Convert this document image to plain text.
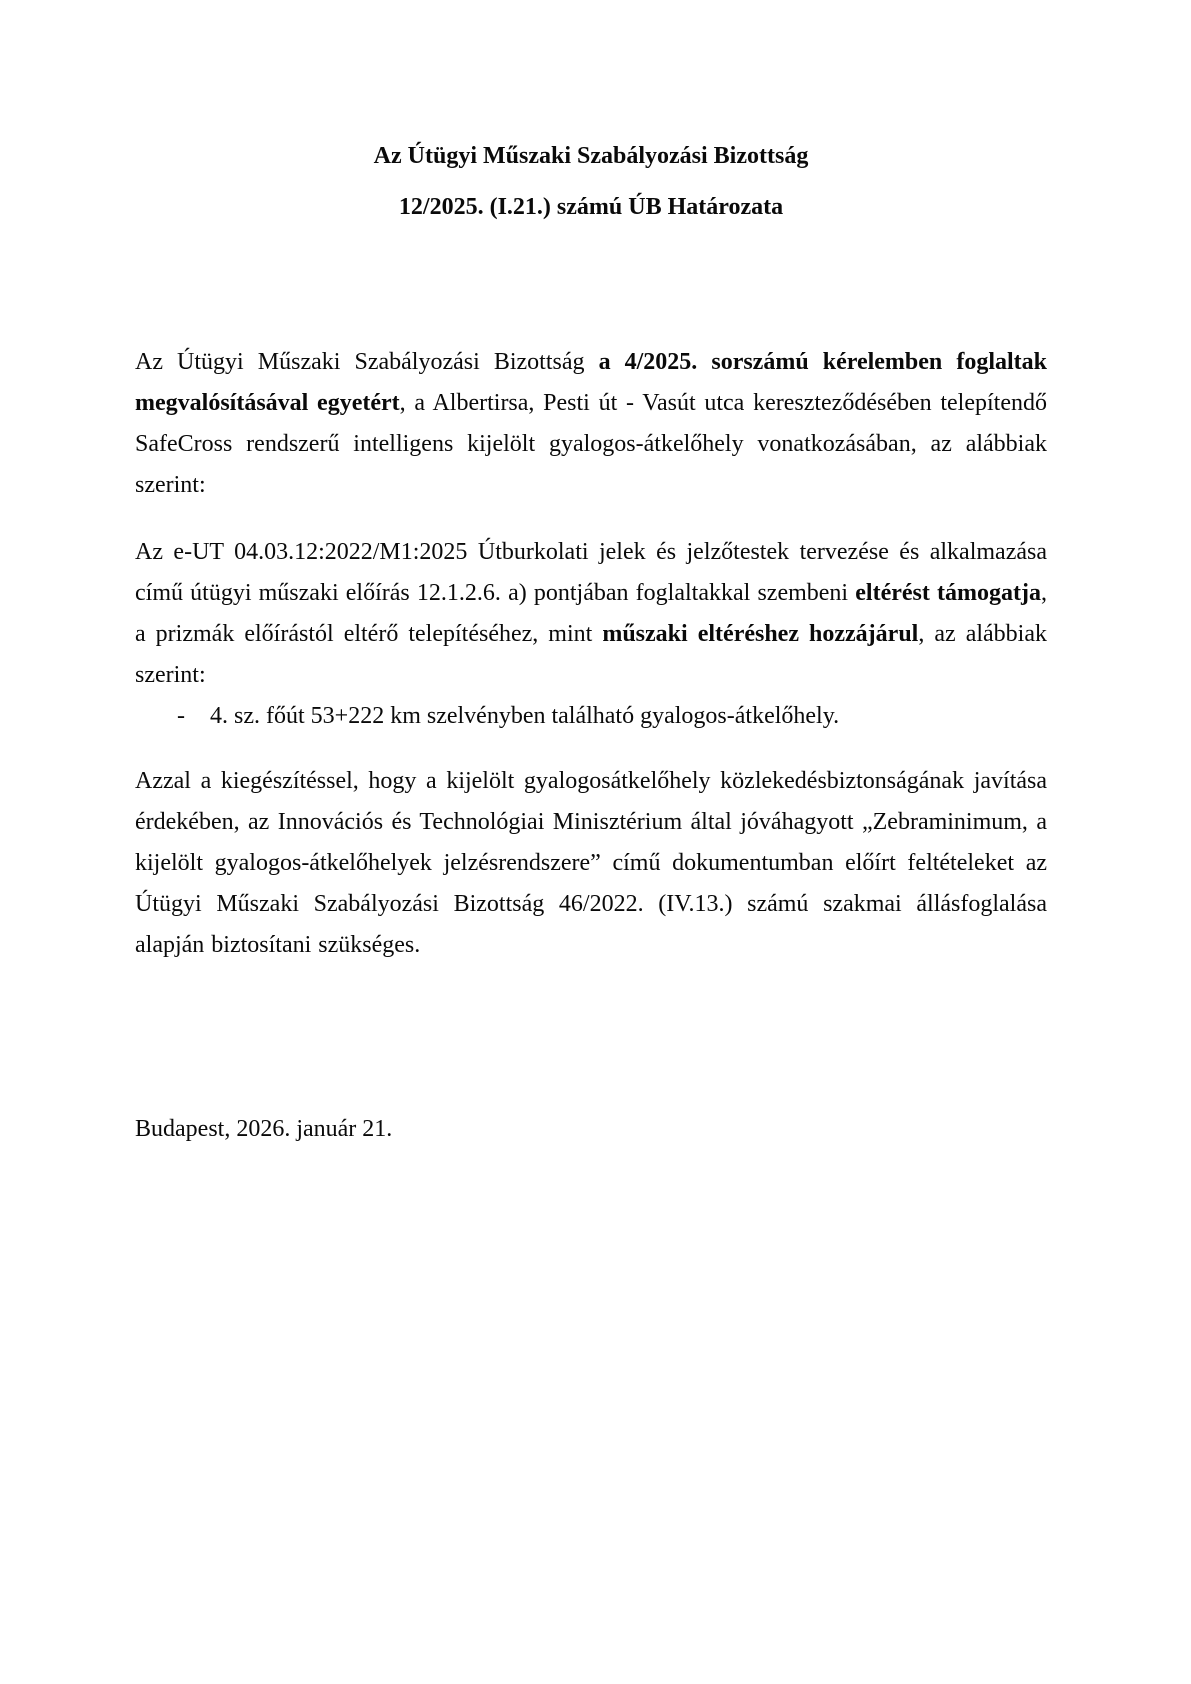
Az Útügyi Műszaki Szabályozási Bizottság
12/2025. (I.21.) számú ÚB Határozata
Az Útügyi Műszaki Szabályozási Bizottság a 4/2025. sorszámú kérelemben foglaltak megvalósításával egyetért, a Albertirsa, Pesti út - Vasút utca kereszteződésében telepítendő SafeCross rendszerű intelligens kijelölt gyalogos-átkelőhely vonatkozásában, az alábbiak szerint:
Az e-UT 04.03.12:2022/M1:2025 Útburkolati jelek és jelzőtestek tervezése és alkalmazása című útügyi műszaki előírás 12.1.2.6. a) pontjában foglaltakkal szembeni eltérést támogatja, a prizmák előírástól eltérő telepítéséhez, mint műszaki eltéréshez hozzájárul, az alábbiak szerint:
-	4. sz. főút 53+222 km szelvényben található gyalogos-átkelőhely.
Azzal a kiegészítéssel, hogy a kijelölt gyalogosátkelőhely közlekedésbiztonságának javítása érdekében, az Innovációs és Technológiai Minisztérium által jóváhagyott „Zebraminimum, a kijelölt gyalogos-átkelőhelyek jelzésrendszere” című dokumentumban előírt feltételeket az Útügyi Műszaki Szabályozási Bizottság 46/2022. (IV.13.) számú szakmai állásfoglalása alapján biztosítani szükséges.
Budapest, 2026. január 21.
